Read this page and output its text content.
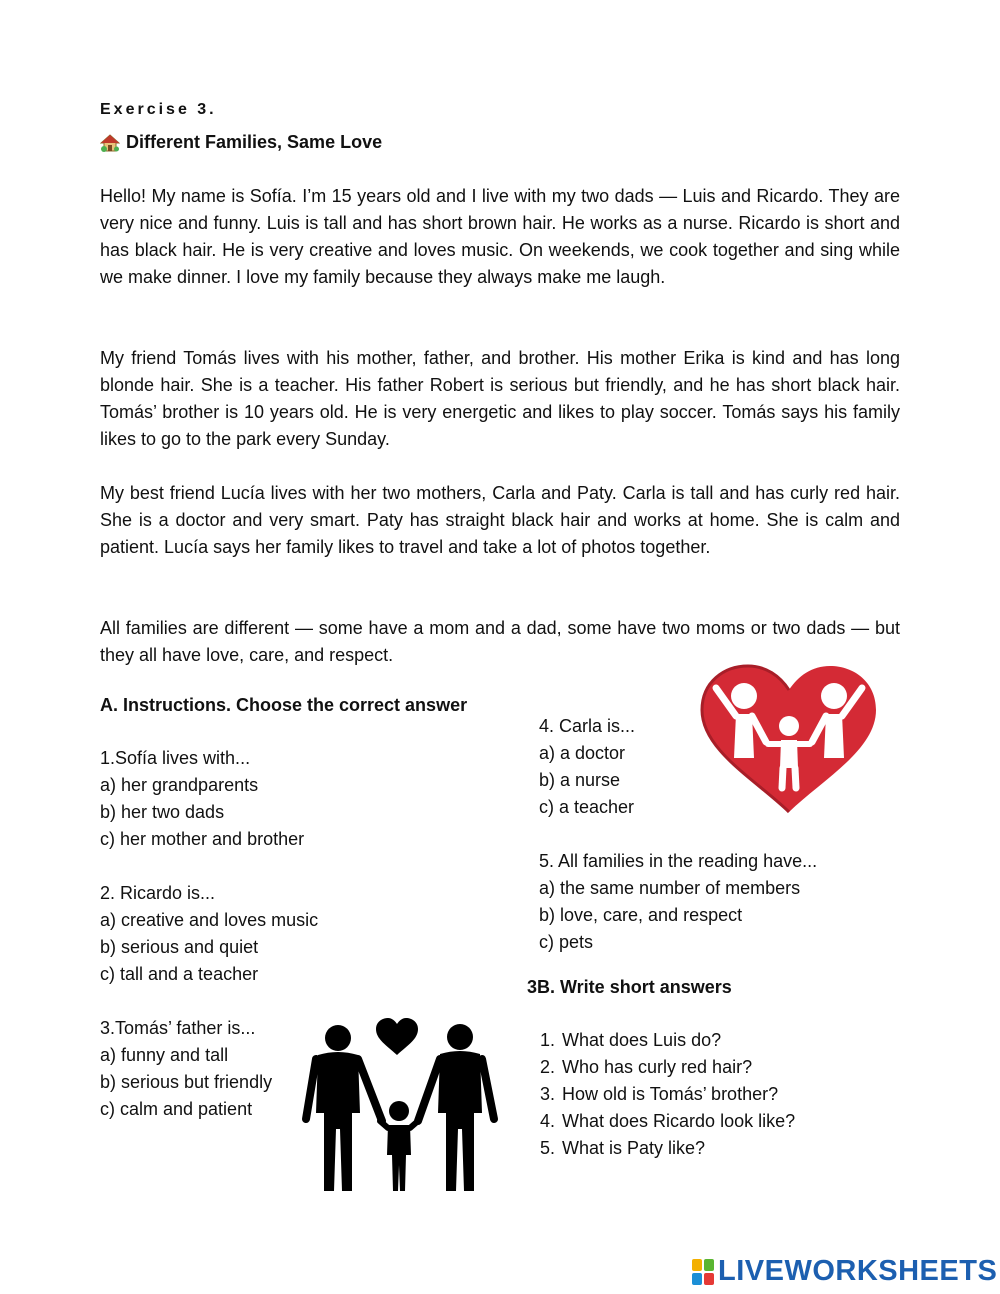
Exercise 3.
Different Families, Same Love

Hello! My name is Sofía. I’m 15 years old and I live with my two dads — Luis and Ricardo. They are very nice and funny. Luis is tall and has short brown hair. He works as a nurse. Ricardo is short and has black hair. He is very creative and loves music. On weekends, we cook together and sing while we make dinner. I love my family because they always make me laugh.

My friend Tomás lives with his mother, father, and brother. His mother Erika is kind and has long blonde hair. She is a teacher. His father Robert is serious but friendly, and he has short black hair. Tomás’ brother is 10 years old. He is very energetic and likes to play soccer. Tomás says his family likes to go to the park every Sunday.

My best friend Lucía lives with her two mothers, Carla and Paty. Carla is tall and has curly red hair. She is a doctor and very smart. Paty has straight black hair and works at home. She is calm and patient. Lucía says her family likes to travel and take a lot of photos together.

All families are different — some have a mom and a dad, some have two moms or two dads — but they all have love, care, and respect.

A. Instructions. Choose the correct answer
1.Sofía lives with...
a) her grandparents
b) her two dads
c) her mother and brother
2. Ricardo is...
a) creative and loves music
b) serious and quiet
c) tall and a teacher
3.Tomás’ father is...
a) funny and tall
b) serious but friendly
c) calm and patient
4. Carla is...
a) a doctor
b) a nurse
c) a teacher
5. All families in the reading have...
a) the same number of members
b) love, care, and respect
c) pets
3B. Write short answers
1. What does Luis do?
2. Who has curly red hair?
3. How old is Tomás’ brother?
4. What does Ricardo look like?
5. What is Paty like?
LIVEWORKSHEETS
